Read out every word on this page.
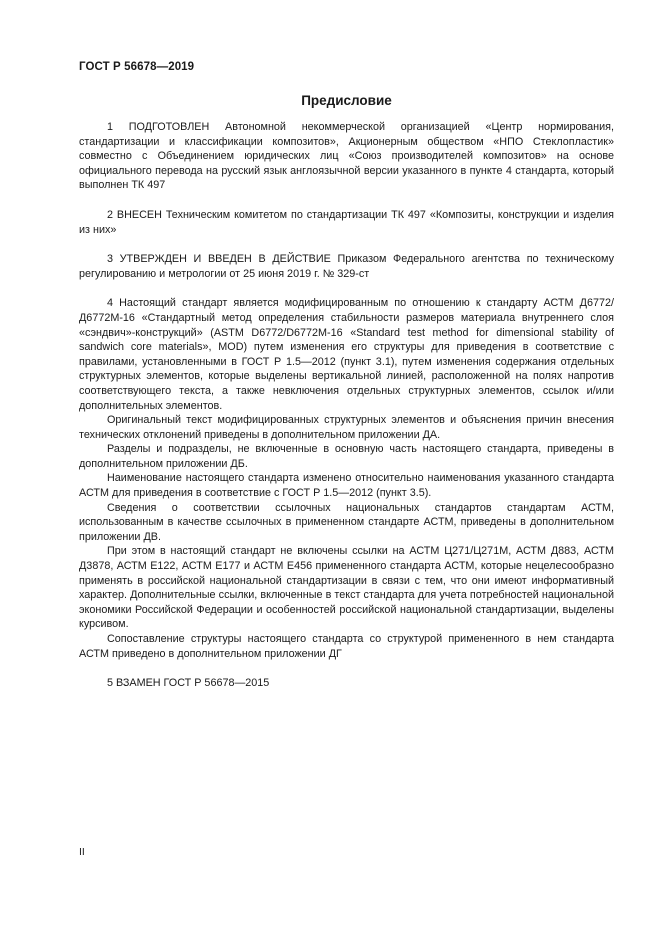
ГОСТ Р 56678—2019
Предисловие

1 ПОДГОТОВЛЕН Автономной некоммерческой организацией «Центр нормирования, стандартизации и классификации композитов», Акционерным обществом «НПО Стеклопластик» совместно с Объединением юридических лиц «Союз производителей композитов» на основе официального перевода на русский язык англоязычной версии указанного в пункте 4 стандарта, который выполнен ТК 497

2 ВНЕСЕН Техническим комитетом по стандартизации ТК 497 «Композиты, конструкции и изделия из них»

3 УТВЕРЖДЕН И ВВЕДЕН В ДЕЙСТВИЕ Приказом Федерального агентства по техническому регулированию и метрологии от 25 июня 2019 г. № 329-ст

4 Настоящий стандарт является модифицированным по отношению к стандарту АСТМ Д6772/Д6772М-16 «Стандартный метод определения стабильности размеров материала внутреннего слоя «сэндвич»-конструкций» (ASTM D6772/D6772M-16 «Standard test method for dimensional stability of sandwich core materials», MOD) путем изменения его структуры для приведения в соответствие с правилами, установленными в ГОСТ Р 1.5—2012 (пункт 3.1), путем изменения содержания отдельных структурных элементов, которые выделены вертикальной линией, расположенной на полях напротив соответствующего текста, а также невключения отдельных структурных элементов, ссылок и/или дополнительных элементов.

Оригинальный текст модифицированных структурных элементов и объяснения причин внесения технических отклонений приведены в дополнительном приложении ДА.

Разделы и подразделы, не включенные в основную часть настоящего стандарта, приведены в дополнительном приложении ДБ.

Наименование настоящего стандарта изменено относительно наименования указанного стандарта АСТМ для приведения в соответствие с ГОСТ Р 1.5—2012 (пункт 3.5).

Сведения о соответствии ссылочных национальных стандартов стандартам АСТМ, использованным в качестве ссылочных в примененном стандарте АСТМ, приведены в дополнительном приложении ДВ.

При этом в настоящий стандарт не включены ссылки на АСТМ Ц271/Ц271М, АСТМ Д883, АСТМ Д3878, АСТМ Е122, АСТМ Е177 и АСТМ Е456 примененного стандарта АСТМ, которые нецелесообразно применять в российской национальной стандартизации в связи с тем, что они имеют информативный характер. Дополнительные ссылки, включенные в текст стандарта для учета потребностей национальной экономики Российской Федерации и особенностей российской национальной стандартизации, выделены курсивом.

Сопоставление структуры настоящего стандарта со структурой примененного в нем стандарта АСТМ приведено в дополнительном приложении ДГ

5 ВЗАМЕН ГОСТ Р 56678—2015

II
